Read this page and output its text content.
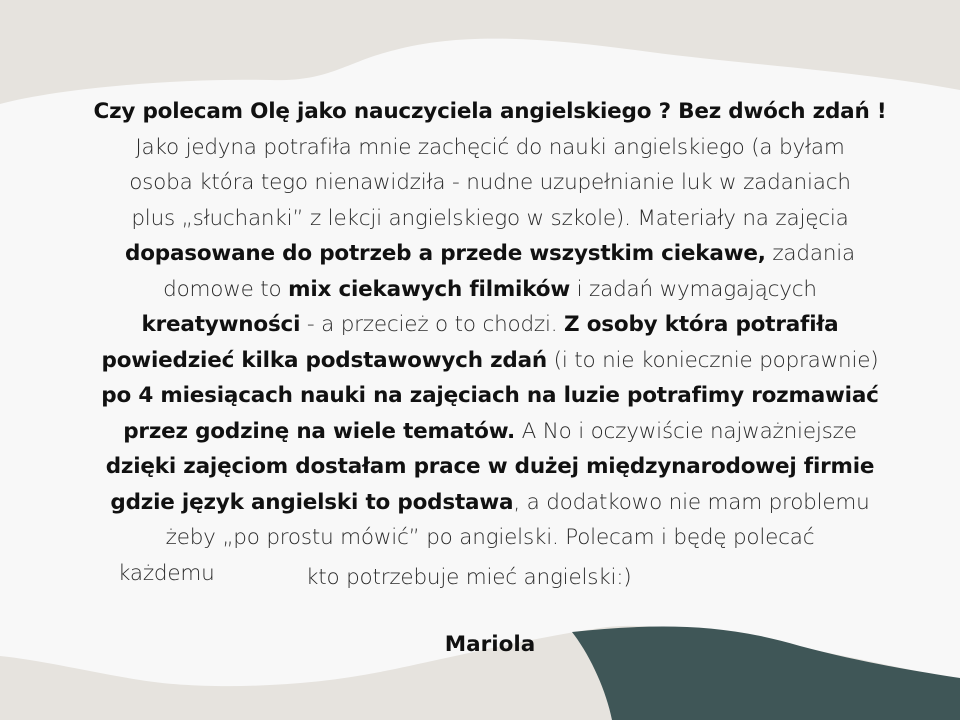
Czy polecam Olę jako nauczyciela angielskiego ? Bez dwóch zdań !
Jako jedyna potrafiła mnie zachęcić do nauki angielskiego (a byłam
osoba która tego nienawidziła - nudne uzupełnianie luk w zadaniach
plus „słuchanki” z lekcji angielskiego w szkole). Materiały na zajęcia
dopasowane do potrzeb a przede wszystkim ciekawe, zadania
domowe to mix ciekawych filmików i zadań wymagających
kreatywności - a przecież o to chodzi. Z osoby która potrafiła
powiedzieć kilka podstawowych zdań (i to nie koniecznie poprawnie)
po 4 miesiącach nauki na zajęciach na luzie potrafimy rozmawiać
przez godzinę na wiele tematów. A No i oczywiście najważniejsze
dzięki zajęciom dostałam prace w dużej międzynarodowej firmie
gdzie język angielski to podstawa, a dodatkowo nie mam problemu
żeby „po prostu mówić” po angielski. Polecam i będę polecać
każdemu	kto potrzebuje mieć angielski:)
Mariola
